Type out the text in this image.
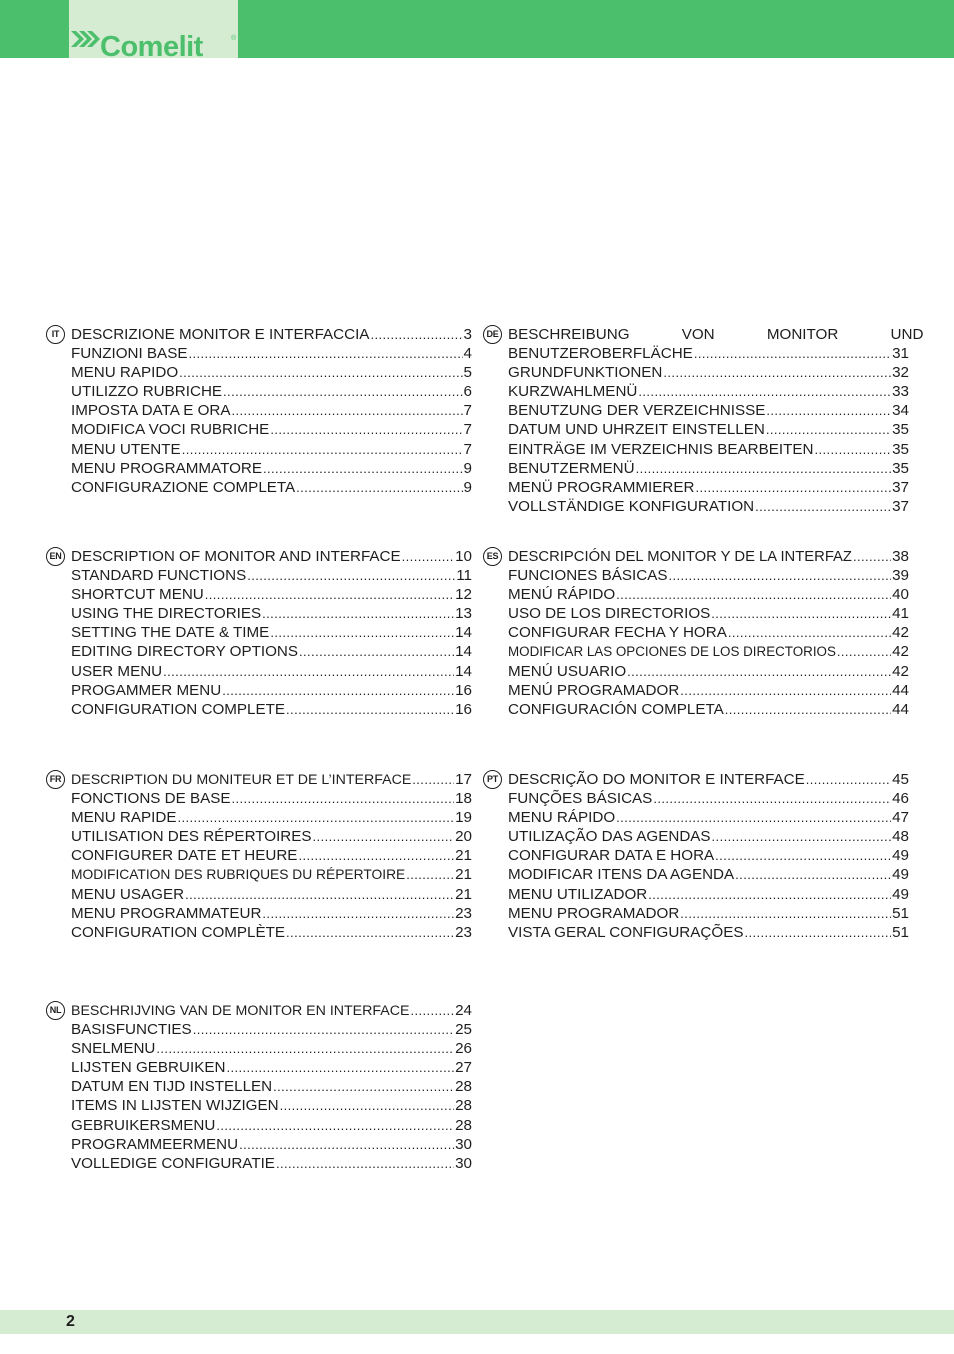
Comelit	®
IT DESCRIZIONE MONITOR E INTERFACCIA .....	3
FUNZIONI BASE .....	4
MENU RAPIDO .....	5
UTILIZZO RUBRICHE .....	6
IMPOSTA DATA E ORA .....	7
MODIFICA VOCI RUBRICHE .....	7
MENU UTENTE .....	7
MENU PROGRAMMATORE .....	9
CONFIGURAZIONE COMPLETA .....	9
DE BESCHREIBUNG VON MONITOR UND
BENUTZEROBERFLÄCHE .....	31
GRUNDFUNKTIONEN .....	32
KURZWAHLMENÜ .....	33
BENUTZUNG DER VERZEICHNISSE .....	34
DATUM UND UHRZEIT EINSTELLEN .....	35
EINTRÄGE IM VERZEICHNIS BEARBEITEN .....	35
BENUTZERMENÜ .....	35
MENÜ PROGRAMMIERER .....	37
VOLLSTÄNDIGE KONFIGURATION .....	37
EN DESCRIPTION OF MONITOR AND INTERFACE .....	10
STANDARD FUNCTIONS .....	11
SHORTCUT MENU .....	12
USING THE DIRECTORIES .....	13
SETTING THE DATE & TIME .....	14
EDITING DIRECTORY OPTIONS .....	14
USER MENU .....	14
PROGAMMER MENU .....	16
CONFIGURATION COMPLETE .....	16
ES DESCRIPCIÓN DEL MONITOR Y DE LA INTERFAZ .....	38
FUNCIONES BÁSICAS .....	39
MENÚ RÁPIDO .....	40
USO DE LOS DIRECTORIOS .....	41
CONFIGURAR FECHA Y HORA .....	42
MODIFICAR LAS OPCIONES DE LOS DIRECTORIOS .....	42
MENÚ USUARIO .....	42
MENÚ PROGRAMADOR .....	44
CONFIGURACIÓN COMPLETA .....	44
FR DESCRIPTION DU MONITEUR ET DE L’INTERFACE .....	17
FONCTIONS DE BASE .....	18
MENU RAPIDE .....	19
UTILISATION DES RÉPERTOIRES .....	20
CONFIGURER DATE ET HEURE .....	21
MODIFICATION DES RUBRIQUES DU RÉPERTOIRE .....	21
MENU USAGER .....	21
MENU PROGRAMMATEUR .....	23
CONFIGURATION COMPLÈTE .....	23
PT DESCRIÇÃO DO MONITOR E INTERFACE .....	45
FUNÇÕES BÁSICAS .....	46
MENU RÁPIDO .....	47
UTILIZAÇÃO DAS AGENDAS .....	48
CONFIGURAR DATA E HORA .....	49
MODIFICAR ITENS DA AGENDA .....	49
MENU UTILIZADOR .....	49
MENU PROGRAMADOR .....	51
VISTA GERAL CONFIGURAÇÕES .....	51
NL BESCHRIJVING VAN DE MONITOR EN INTERFACE .....	24
BASISFUNCTIES .....	25
SNELMENU .....	26
LIJSTEN GEBRUIKEN .....	27
DATUM EN TIJD INSTELLEN .....	28
ITEMS IN LIJSTEN WIJZIGEN .....	28
GEBRUIKERSMENU .....	28
PROGRAMMEERMENU .....	30
VOLLEDIGE CONFIGURATIE .....	30
2
